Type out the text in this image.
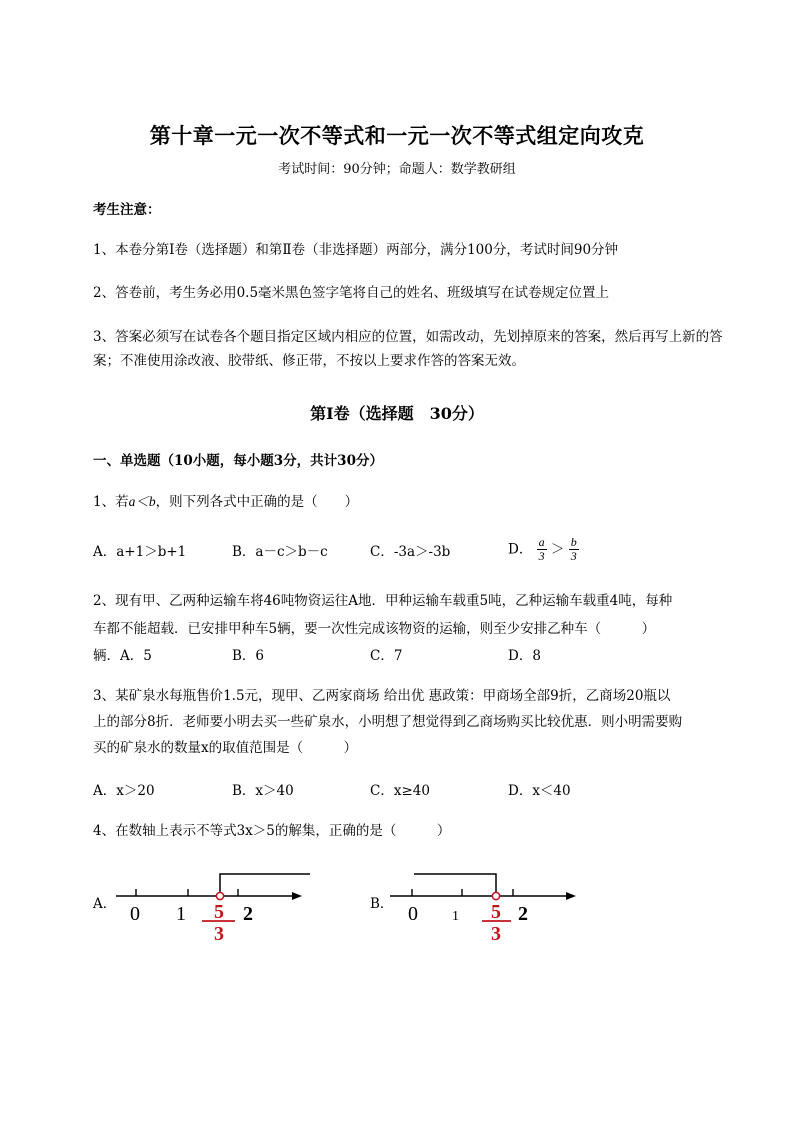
第十章一元一次不等式和一元一次不等式组定向攻克
考试时间：90分钟；命题人：数学教研组
考生注意：
1、本卷分第I卷（选择题）和第Ⅱ卷（非选择题）两部分，满分100分，考试时间90分钟
2、答卷前，考生务必用0.5毫米黑色签字笔将自己的姓名、班级填写在试卷规定位置上
3、答案必须写在试卷各个题目指定区域内相应的位置，如需改动，先划掉原来的答案，然后再写上新的答案；不准使用涂改液、胶带纸、修正带，不按以上要求作答的答案无效。
第I卷（选择题　30分）
一、单选题（10小题，每小题3分，共计30分）
1、若a＜b，则下列各式中正确的是（　　）
A．a+1＞b+1	B．a－c＞b－c	C．-3a＞-3b	D． $\frac{a}{3} > \frac{b}{3}$
2、现有甲、乙两种运输车将46吨物资运往A地．甲种运输车载重5吨，乙种运输车载重4吨，每种
车都不能超载．已安排甲种车5辆，要一次性完成该物资的运输，则至少安排乙种车（　　　）
辆．A．5	B．6	C．7	D．8
3、某矿泉水每瓶售价1.5元，现甲、乙两家商场 给出优 惠政策：甲商场全部9折，乙商场20瓶以
上的部分8折．老师要小明去买一些矿泉水，小明想了想觉得到乙商场购买比较优惠．则小明需要购
买的矿泉水的数量x的取值范围是（　　　）
A．x＞20	B．x＞40	C．x≥40	D．x＜40
4、在数轴上表示不等式3x＞5的解集，正确的是（　　　）
A． 0 1	2
5
3
B． 0 1	2
5
3
